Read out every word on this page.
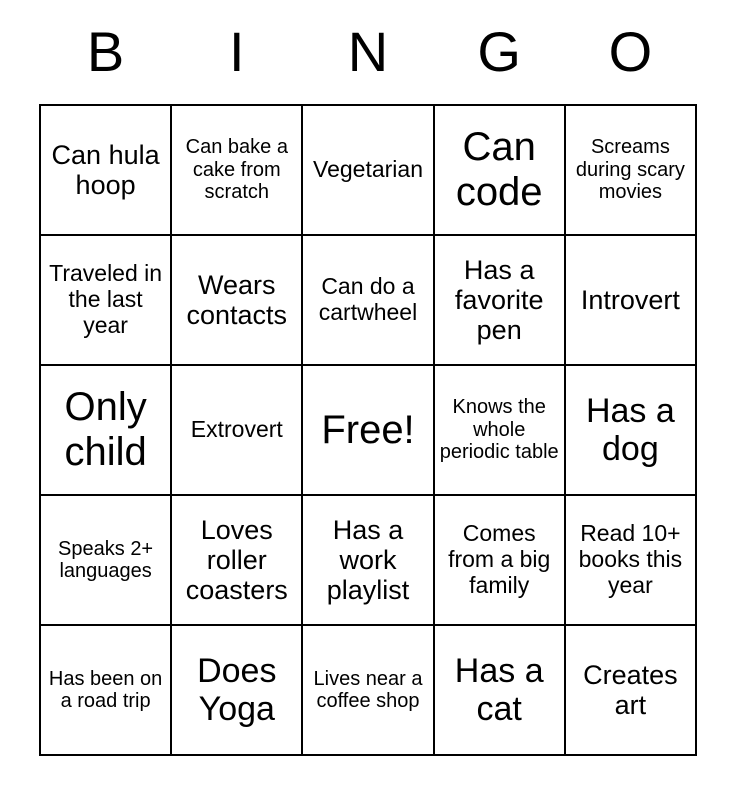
B	I	N	G	O
Can hula hoop
Can bake a cake from scratch
Vegetarian Can code
Screams during scary movies
Traveled in the last year
Wears contacts
Can do a cartwheel
Has a favorite pen
Introvert
Only child
Extrovert Free!
Knows the whole periodic table
Has a dog
Speaks 2+ languages
Loves roller coasters
Has a work playlist
Comes from a big family
Read 10+ books this year
Has been on a road trip
Does Yoga
Lives near a coffee shop
Has a cat
Creates art
